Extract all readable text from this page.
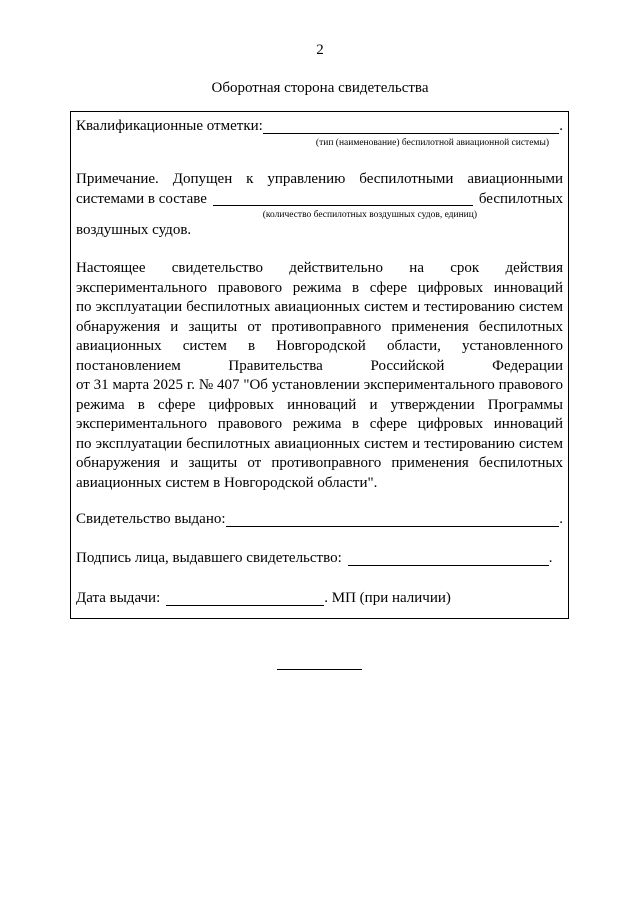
2
Оборотная сторона свидетельства
Квалификационные отметки:	.
(тип (наименование) беспилотной авиационной системы)
Примечание. Допущен к управлению беспилотными авиационными
системами в составе	беспилотных
(количество беспилотных воздушных судов, единиц)
воздушных судов.
Настоящее свидетельство действительно на срок действия
экспериментального правового режима в сфере цифровых инноваций
по эксплуатации беспилотных авиационных систем и тестированию систем
обнаружения и защиты от противоправного применения беспилотных
авиационных систем в Новгородской области, установленного
постановлением Правительства Российской Федерации
от 31 марта 2025 г. № 407 "Об установлении экспериментального правового
режима в сфере цифровых инноваций и утверждении Программы
экспериментального правового режима в сфере цифровых инноваций
по эксплуатации беспилотных авиационных систем и тестированию систем
обнаружения и защиты от противоправного применения беспилотных
авиационных систем в Новгородской области".
Свидетельство выдано:	.
Подпись лица, выдавшего свидетельство:	.
Дата выдачи:	. МП (при наличии)
